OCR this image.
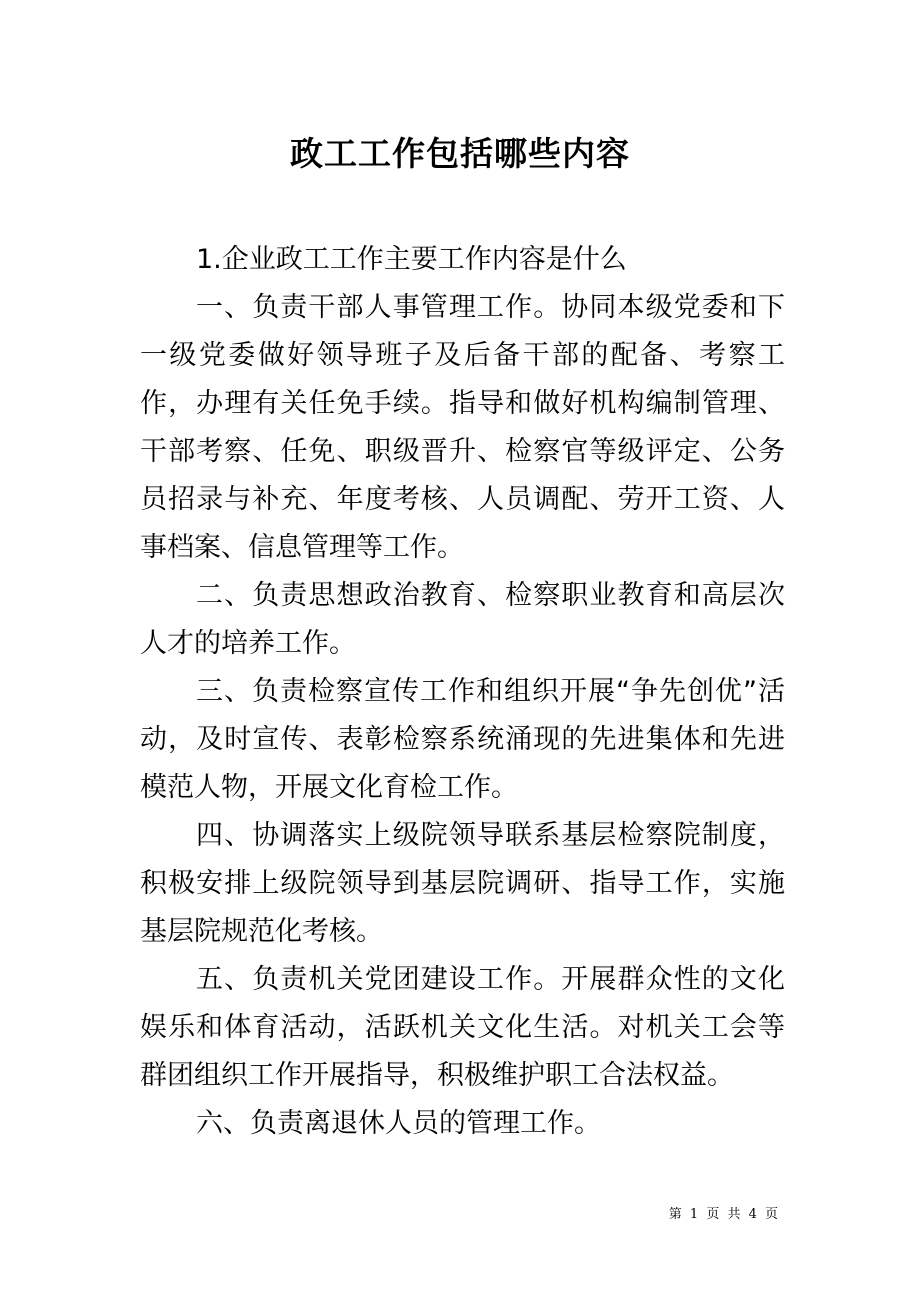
政工工作包括哪些内容

1.企业政工工作主要工作内容是什么

一、负责干部人事管理工作。协同本级党委和下一级党委做好领导班子及后备干部的配备、考察工作，办理有关任免手续。指导和做好机构编制管理、干部考察、任免、职级晋升、检察官等级评定、公务员招录与补充、年度考核、人员调配、劳开工资、人事档案、信息管理等工作。

二、负责思想政治教育、检察职业教育和高层次人才的培养工作。

三、负责检察宣传工作和组织开展“争先创优”活动，及时宣传、表彰检察系统涌现的先进集体和先进模范人物，开展文化育检工作。

四、协调落实上级院领导联系基层检察院制度，积极安排上级院领导到基层院调研、指导工作，实施基层院规范化考核。

五、负责机关党团建设工作。开展群众性的文化娱乐和体育活动，活跃机关文化生活。对机关工会等群团组织工作开展指导，积极维护职工合法权益。

六、负责离退休人员的管理工作。

第 1 页 共 4 页
